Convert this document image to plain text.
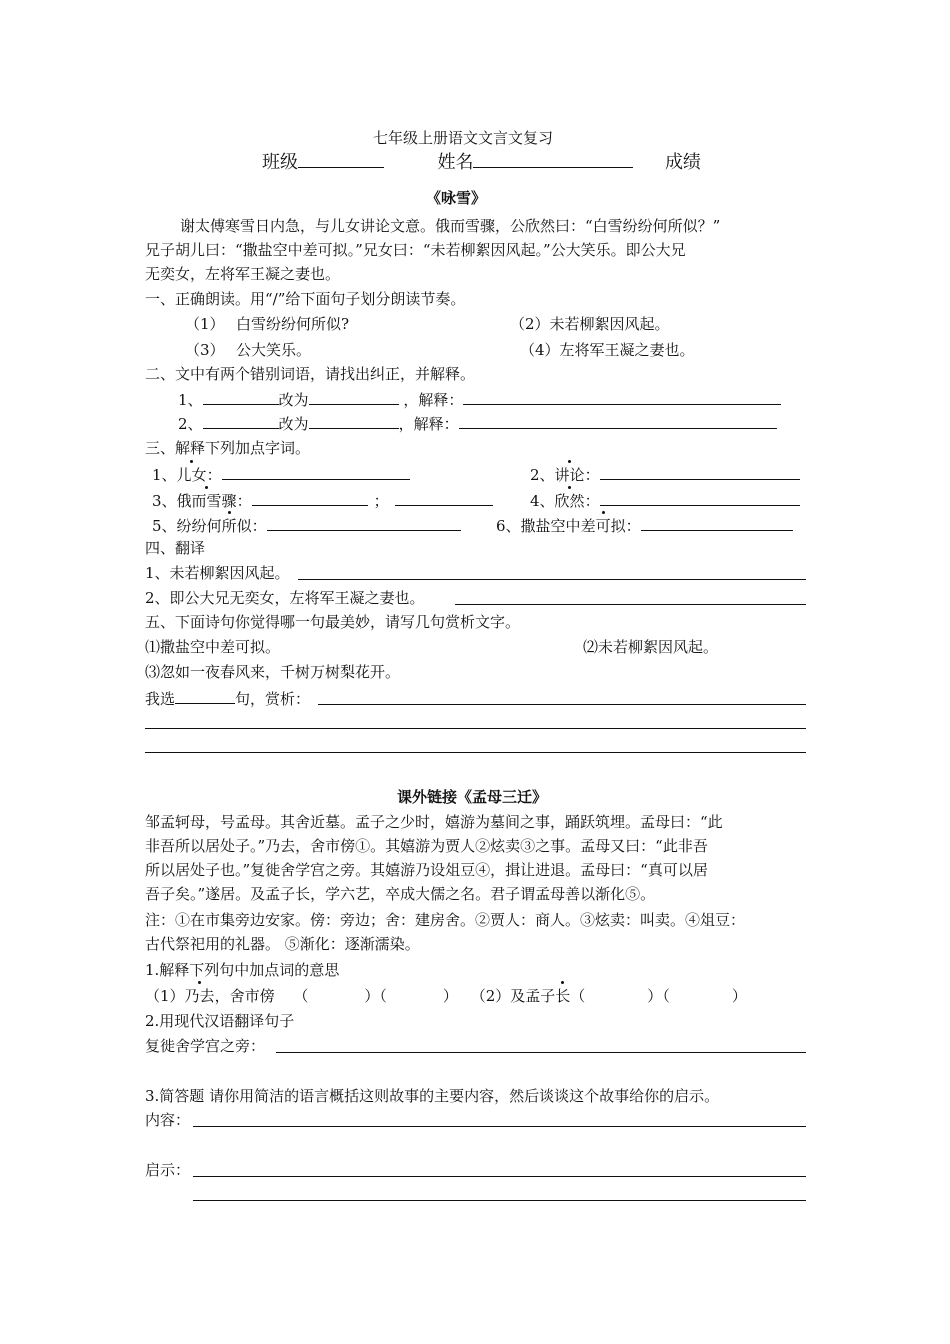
七年级上册语文文言文复习
班级	姓名	成绩
《咏雪》
谢太傅寒雪日内急，与儿女讲论文意。俄而雪骤，公欣然曰：“白雪纷纷何所似？”
兄子胡儿曰：“撒盐空中差可拟。”兄女曰：“未若柳絮因风起。”公大笑乐。即公大兄
无奕女，左将军王凝之妻也。
一、正确朗读。用“/”给下面句子划分朗读节奏。
（1） 白雪纷纷何所似?	（2）未若柳絮因风起。
（3） 公大笑乐。	（4）左将军王凝之妻也。
二、文中有两个错别词语，请找出纠正，并解释。
1、	改为	，解释：
2、	改为	，解释：
三、解释下列加点字词。
1、儿女：	2、讲论：
3、俄而雪骤：	；	4、欣然：
5、纷纷何所似：	6、撒盐空中差可拟：
四、翻译
1、未若柳絮因风起。
2、即公大兄无奕女，左将军王凝之妻也。
五、下面诗句你觉得哪一句最美妙，请写几句赏析文字。
⑴撒盐空中差可拟。	⑵未若柳絮因风起。
⑶忽如一夜春风来，千树万树梨花开。
我选	句，赏析：
课外链接《孟母三迁》
邹孟轲母，号孟母。其舍近墓。孟子之少时，嬉游为墓间之事，踊跃筑埋。孟母曰：“此
非吾所以居处子。”乃去，舍市傍①。其嬉游为贾人②炫卖③之事。孟母又曰：“此非吾
所以居处子也。”复徙舍学宫之旁。其嬉游乃设俎豆④，揖让进退。孟母曰：“真可以居
吾子矣。”遂居。及孟子长，学六艺，卒成大儒之名。君子谓孟母善以渐化⑤。
注：①在市集旁边安家。傍：旁边；舍：建房舍。②贾人：商人。③炫卖：叫卖。④俎豆：
古代祭祀用的礼器。 ⑤渐化：逐渐濡染。
1.解释下列句中加点词的意思
（1）乃去，舍市傍 （	）（	） （2）及孟子长（	）（	）
2.用现代汉语翻译句子
复徙舍学宫之旁：
3.简答题 请你用简洁的语言概括这则故事的主要内容，然后谈谈这个故事给你的启示。
内容：
启示：
